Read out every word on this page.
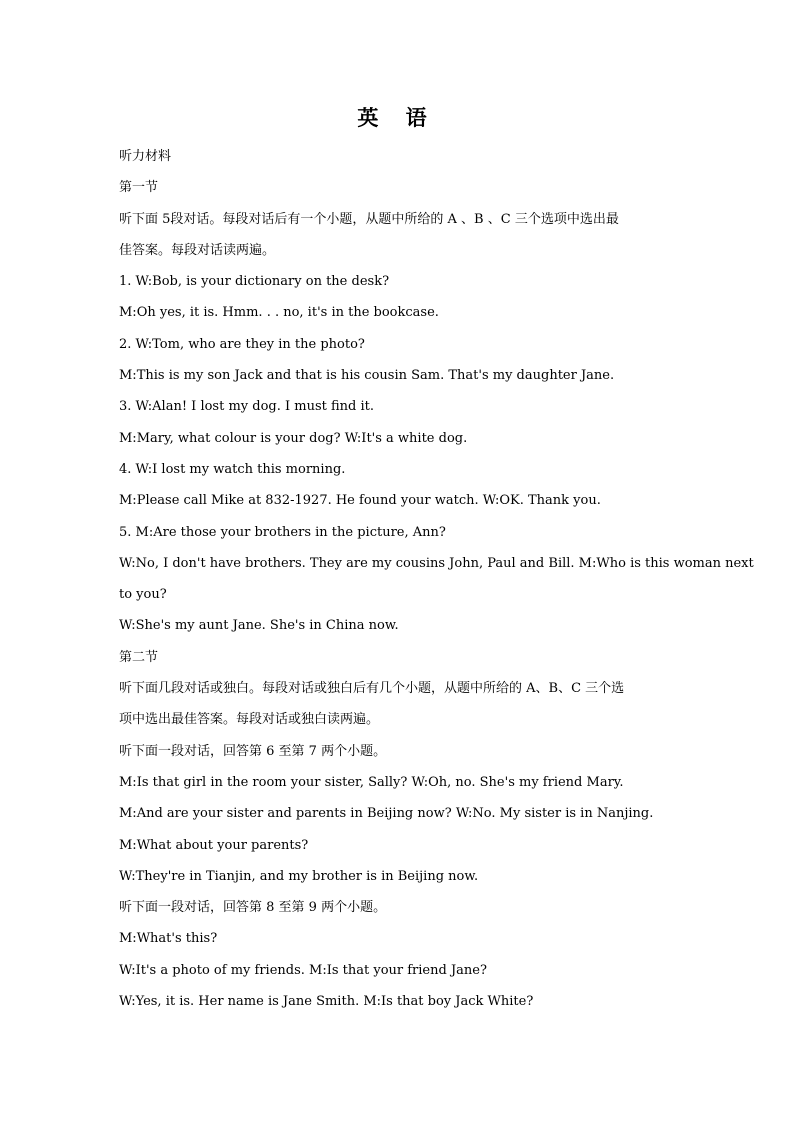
英 语
听力材料
第一节
听下面 5段对话。每段对话后有一个小题，从题中所给的 A 、B 、C 三个选项中选出最
佳答案。每段对话读两遍。
1. W:Bob, is your dictionary on the desk?
M:Oh yes, it is. Hmm. . . no, it's in the bookcase.
2. W:Tom, who are they in the photo?
M:This is my son Jack and that is his cousin Sam. That's my daughter Jane.
3. W:Alan! I lost my dog. I must find it.
M:Mary, what colour is your dog? W:It's a white dog.
4. W:I lost my watch this morning.
M:Please call Mike at 832-1927. He found your watch. W:OK. Thank you.
5. M:Are those your brothers in the picture, Ann?
W:No, I don't have brothers. They are my cousins John, Paul and Bill. M:Who is this woman next
to you?
W:She's my aunt Jane. She's in China now.
第二节
听下面几段对话或独白。每段对话或独白后有几个小题，从题中所给的 A、B、C 三个选
项中选出最佳答案。每段对话或独白读两遍。
听下面一段对话，回答第 6 至第 7 两个小题。
M:Is that girl in the room your sister, Sally? W:Oh, no. She's my friend Mary.
M:And are your sister and parents in Beijing now? W:No. My sister is in Nanjing.
M:What about your parents?
W:They're in Tianjin, and my brother is in Beijing now.
听下面一段对话，回答第 8 至第 9 两个小题。
M:What's this?
W:It's a photo of my friends. M:Is that your friend Jane?
W:Yes, it is. Her name is Jane Smith. M:Is that boy Jack White?
